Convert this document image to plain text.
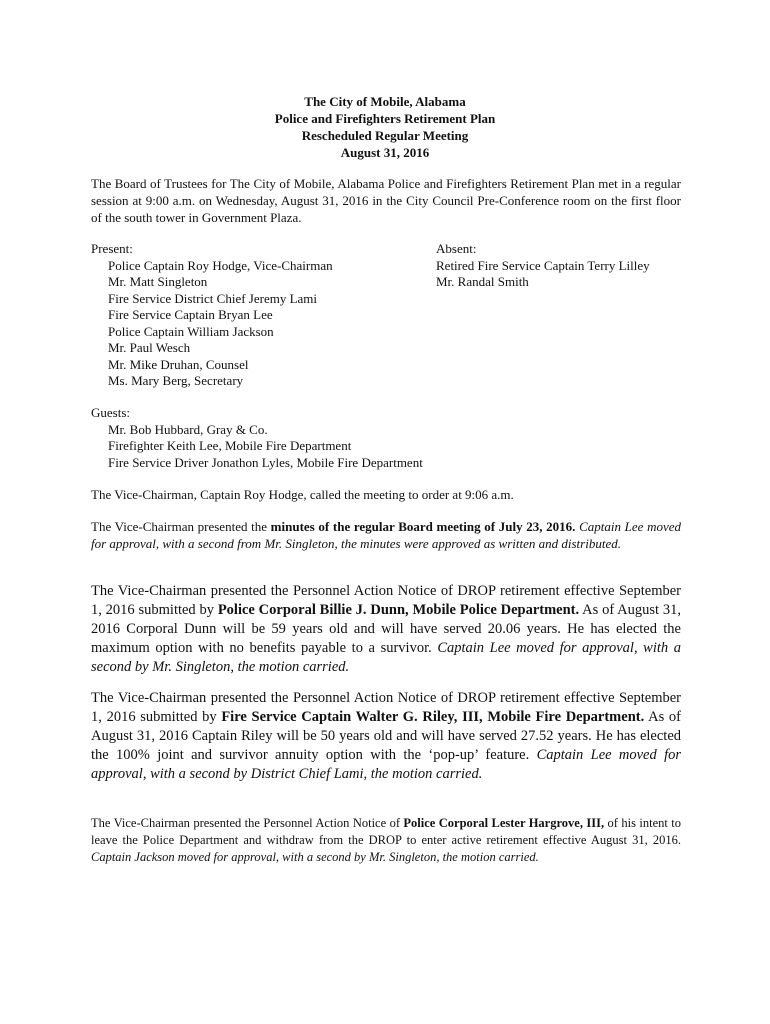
The City of Mobile, Alabama
Police and Firefighters Retirement Plan
Rescheduled Regular Meeting
August 31, 2016

The Board of Trustees for The City of Mobile, Alabama Police and Firefighters Retirement Plan met in a regular session at 9:00 a.m. on Wednesday, August 31, 2016 in the City Council Pre-Conference room on the first floor of the south tower in Government Plaza.

Present:
Police Captain Roy Hodge, Vice-Chairman
Mr. Matt Singleton
Fire Service District Chief Jeremy Lami
Fire Service Captain Bryan Lee
Police Captain William Jackson
Mr. Paul Wesch
Mr. Mike Druhan, Counsel
Ms. Mary Berg, Secretary
Absent:
Retired Fire Service Captain Terry Lilley
Mr. Randal Smith
Guests:
Mr. Bob Hubbard, Gray & Co.
Firefighter Keith Lee, Mobile Fire Department
Fire Service Driver Jonathon Lyles, Mobile Fire Department

The Vice-Chairman, Captain Roy Hodge, called the meeting to order at 9:06 a.m.

The Vice-Chairman presented the minutes of the regular Board meeting of July 23, 2016. Captain Lee moved for approval, with a second from Mr. Singleton, the minutes were approved as written and distributed.

The Vice-Chairman presented the Personnel Action Notice of DROP retirement effective September 1, 2016 submitted by Police Corporal Billie J. Dunn, Mobile Police Department. As of August 31, 2016 Corporal Dunn will be 59 years old and will have served 20.06 years. He has elected the maximum option with no benefits payable to a survivor. Captain Lee moved for approval, with a second by Mr. Singleton, the motion carried.

The Vice-Chairman presented the Personnel Action Notice of DROP retirement effective September 1, 2016 submitted by Fire Service Captain Walter G. Riley, III, Mobile Fire Department. As of August 31, 2016 Captain Riley will be 50 years old and will have served 27.52 years. He has elected the 100% joint and survivor annuity option with the ‘pop-up’ feature. Captain Lee moved for approval, with a second by District Chief Lami, the motion carried.

The Vice-Chairman presented the Personnel Action Notice of Police Corporal Lester Hargrove, III, of his intent to leave the Police Department and withdraw from the DROP to enter active retirement effective August 31, 2016. Captain Jackson moved for approval, with a second by Mr. Singleton, the motion carried.
